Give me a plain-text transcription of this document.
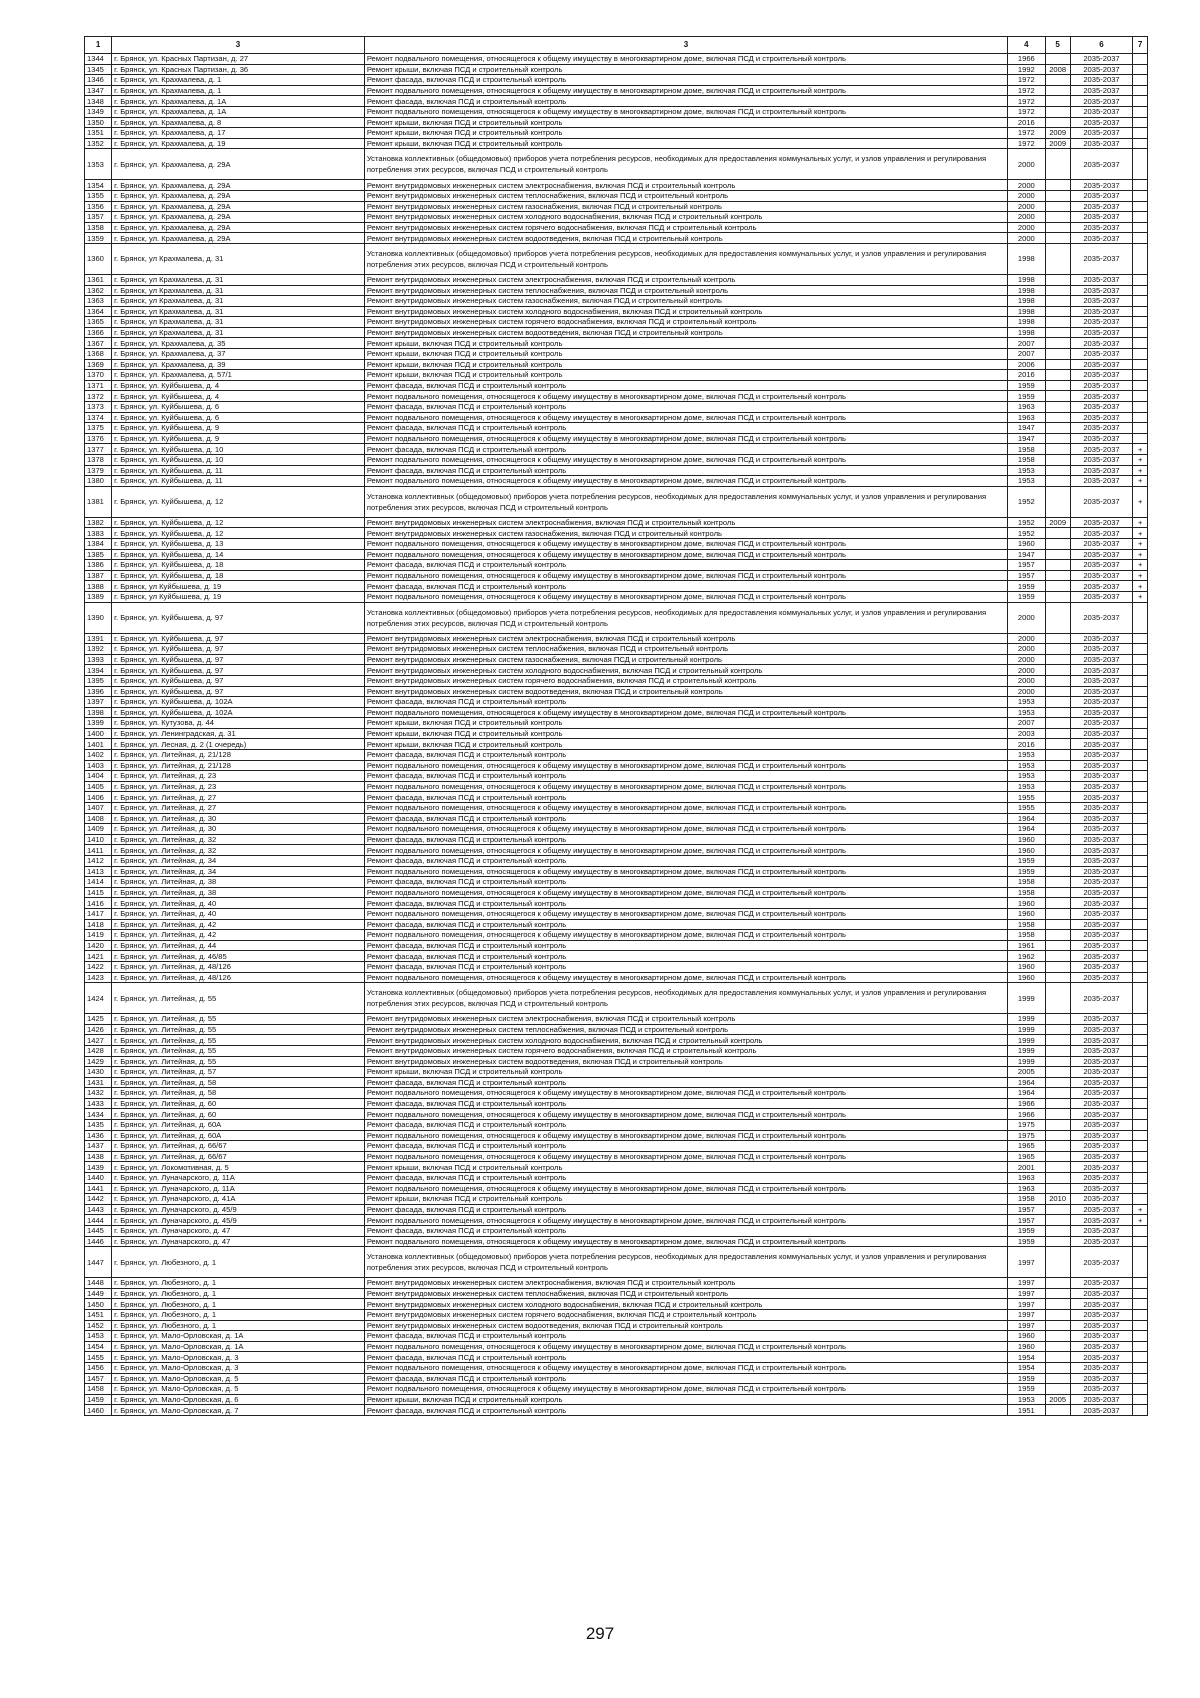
1	3	3	4	5	6	7
1344	г. Брянск, ул. Красных Партизан, д. 27	Ремонт подвального помещения, относящегося к общему имуществу в многоквартирном доме, включая ПСД и строительный контроль	1966		2035-2037	
1345	г. Брянск, ул. Красных Партизан, д. 36	Ремонт крыши, включая ПСД и строительный контроль	1992	2008	2035-2037	
1346	г. Брянск, ул. Крахмалева, д. 1	Ремонт фасада, включая ПСД и строительный контроль	1972		2035-2037	
1347	г. Брянск, ул. Крахмалева, д. 1	Ремонт подвального помещения, относящегося к общему имуществу в многоквартирном доме, включая ПСД и строительный контроль	1972		2035-2037	
1348	г. Брянск, ул. Крахмалева, д. 1А	Ремонт фасада, включая ПСД и строительный контроль	1972		2035-2037	
1349	г. Брянск, ул. Крахмалева, д. 1А	Ремонт подвального помещения, относящегося к общему имуществу в многоквартирном доме, включая ПСД и строительный контроль	1972		2035-2037	
1350	г. Брянск, ул. Крахмалева, д. 8	Ремонт крыши, включая ПСД и строительный контроль	2016		2035-2037	
1351	г. Брянск, ул. Крахмалева, д. 17	Ремонт крыши, включая ПСД и строительный контроль	1972	2009	2035-2037	
1352	г. Брянск, ул. Крахмалева, д. 19	Ремонт крыши, включая ПСД и строительный контроль	1972	2009	2035-2037	
1353	г. Брянск, ул. Крахмалева, д. 29А	Установка коллективных (общедомовых) приборов учета потребления ресурсов, необходимых для предоставления коммунальных услуг, и узлов управления и регулирования потребления этих ресурсов, включая ПСД и строительный контроль	2000		2035-2037	
1354	г. Брянск, ул. Крахмалева, д. 29А	Ремонт внутридомовых инженерных систем электроснабжения, включая ПСД и строительный контроль	2000		2035-2037	
1355	г. Брянск, ул. Крахмалева, д. 29А	Ремонт внутридомовых инженерных систем теплоснабжения, включая ПСД и строительный контроль	2000		2035-2037	
1356	г. Брянск, ул. Крахмалева, д. 29А	Ремонт внутридомовых инженерных систем газоснабжения, включая ПСД и строительный контроль	2000		2035-2037	
1357	г. Брянск, ул. Крахмалева, д. 29А	Ремонт внутридомовых инженерных систем холодного водоснабжения, включая ПСД и строительный контроль	2000		2035-2037	
1358	г. Брянск, ул. Крахмалева, д. 29А	Ремонт внутридомовых инженерных систем горячего водоснабжения, включая ПСД и строительный контроль	2000		2035-2037	
1359	г. Брянск, ул. Крахмалева, д. 29А	Ремонт внутридомовых инженерных систем водоотведения, включая ПСД и строительный контроль	2000		2035-2037	
1360	г. Брянск, ул Крахмалева, д. 31	Установка коллективных (общедомовых) приборов учета потребления ресурсов, необходимых для предоставления коммунальных услуг, и узлов управления и регулирования потребления этих ресурсов, включая ПСД и строительный контроль	1998		2035-2037	
1361	г. Брянск, ул Крахмалева, д. 31	Ремонт внутридомовых инженерных систем электроснабжения, включая ПСД и строительный контроль	1998		2035-2037	
1362	г. Брянск, ул Крахмалева, д. 31	Ремонт внутридомовых инженерных систем теплоснабжения, включая ПСД и строительный контроль	1998		2035-2037	
1363	г. Брянск, ул Крахмалева, д. 31	Ремонт внутридомовых инженерных систем газоснабжения, включая ПСД и строительный контроль	1998		2035-2037	
1364	г. Брянск, ул Крахмалева, д. 31	Ремонт внутридомовых инженерных систем холодного водоснабжения, включая ПСД и строительный контроль	1998		2035-2037	
1365	г. Брянск, ул Крахмалева, д. 31	Ремонт внутридомовых инженерных систем горячего водоснабжения, включая ПСД и строительный контроль	1998		2035-2037	
1366	г. Брянск, ул Крахмалева, д. 31	Ремонт внутридомовых инженерных систем водоотведения, включая ПСД и строительный контроль	1998		2035-2037	
1367	г. Брянск, ул. Крахмалева, д. 35	Ремонт крыши, включая ПСД и строительный контроль	2007		2035-2037	
1368	г. Брянск, ул. Крахмалева, д. 37	Ремонт крыши, включая ПСД и строительный контроль	2007		2035-2037	
1369	г. Брянск, ул. Крахмалева, д. 39	Ремонт крыши, включая ПСД и строительный контроль	2006		2035-2037	
1370	г. Брянск, ул. Крахмалева, д. 57/1	Ремонт крыши, включая ПСД и строительный контроль	2016		2035-2037	
1371	г. Брянск, ул. Куйбышева, д. 4	Ремонт фасада, включая ПСД и строительный контроль	1959		2035-2037	
1372	г. Брянск, ул. Куйбышева, д. 4	Ремонт подвального помещения, относящегося к общему имуществу в многоквартирном доме, включая ПСД и строительный контроль	1959		2035-2037	
1373	г. Брянск, ул. Куйбышева, д. 6	Ремонт фасада, включая ПСД и строительный контроль	1963		2035-2037	
1374	г. Брянск, ул. Куйбышева, д. 6	Ремонт подвального помещения, относящегося к общему имуществу в многоквартирном доме, включая ПСД и строительный контроль	1963		2035-2037	
1375	г. Брянск, ул. Куйбышева, д. 9	Ремонт фасада, включая ПСД и строительный контроль	1947		2035-2037	
1376	г. Брянск, ул. Куйбышева, д. 9	Ремонт подвального помещения, относящегося к общему имуществу в многоквартирном доме, включая ПСД и строительный контроль	1947		2035-2037	
1377	г. Брянск, ул. Куйбышева, д. 10	Ремонт фасада, включая ПСД и строительный контроль	1958		2035-2037	+
1378	г. Брянск, ул. Куйбышева, д. 10	Ремонт подвального помещения, относящегося к общему имуществу в многоквартирном доме, включая ПСД и строительный контроль	1958		2035-2037	+
1379	г. Брянск, ул. Куйбышева, д. 11	Ремонт фасада, включая ПСД и строительный контроль	1953		2035-2037	+
1380	г. Брянск, ул. Куйбышева, д. 11	Ремонт подвального помещения, относящегося к общему имуществу в многоквартирном доме, включая ПСД и строительный контроль	1953		2035-2037	+
1381	г. Брянск, ул. Куйбышева, д. 12	Установка коллективных (общедомовых) приборов учета потребления ресурсов, необходимых для предоставления коммунальных услуг, и узлов управления и регулирования потребления этих ресурсов, включая ПСД и строительный контроль	1952		2035-2037	+
1382	г. Брянск, ул. Куйбышева, д. 12	Ремонт внутридомовых инженерных систем электроснабжения, включая ПСД и строительный контроль	1952	2009	2035-2037	+
1383	г. Брянск, ул. Куйбышева, д. 12	Ремонт внутридомовых инженерных систем газоснабжения, включая ПСД и строительный контроль	1952		2035-2037	+
1384	г. Брянск, ул. Куйбышева, д. 13	Ремонт подвального помещения, относящегося к общему имуществу в многоквартирном доме, включая ПСД и строительный контроль	1960		2035-2037	+
1385	г. Брянск, ул. Куйбышева, д. 14	Ремонт подвального помещения, относящегося к общему имуществу в многоквартирном доме, включая ПСД и строительный контроль	1947		2035-2037	+
1386	г. Брянск, ул. Куйбышева, д. 18	Ремонт фасада, включая ПСД и строительный контроль	1957		2035-2037	+
1387	г. Брянск, ул. Куйбышева, д. 18	Ремонт подвального помещения, относящегося к общему имуществу в многоквартирном доме, включая ПСД и строительный контроль	1957		2035-2037	+
1388	г. Брянск, ул Куйбышева, д. 19	Ремонт фасада, включая ПСД и строительный контроль	1959		2035-2037	+
1389	г. Брянск, ул Куйбышева, д. 19	Ремонт подвального помещения, относящегося к общему имуществу в многоквартирном доме, включая ПСД и строительный контроль	1959		2035-2037	+
1390	г. Брянск, ул. Куйбышева, д. 97	Установка коллективных (общедомовых) приборов учета потребления ресурсов, необходимых для предоставления коммунальных услуг, и узлов управления и регулирования потребления этих ресурсов, включая ПСД и строительный контроль	2000		2035-2037	
1391	г. Брянск, ул. Куйбышева, д. 97	Ремонт внутридомовых инженерных систем электроснабжения, включая ПСД и строительный контроль	2000		2035-2037	
1392	г. Брянск, ул. Куйбышева, д. 97	Ремонт внутридомовых инженерных систем теплоснабжения, включая ПСД и строительный контроль	2000		2035-2037	
1393	г. Брянск, ул. Куйбышева, д. 97	Ремонт внутридомовых инженерных систем газоснабжения, включая ПСД и строительный контроль	2000		2035-2037	
1394	г. Брянск, ул. Куйбышева, д. 97	Ремонт внутридомовых инженерных систем холодного водоснабжения, включая ПСД и строительный контроль	2000		2035-2037	
1395	г. Брянск, ул. Куйбышева, д. 97	Ремонт внутридомовых инженерных систем горячего водоснабжения, включая ПСД и строительный контроль	2000		2035-2037	
1396	г. Брянск, ул. Куйбышева, д. 97	Ремонт внутридомовых инженерных систем водоотведения, включая ПСД и строительный контроль	2000		2035-2037	
1397	г. Брянск, ул. Куйбышева, д. 102А	Ремонт фасада, включая ПСД и строительный контроль	1953		2035-2037	
1398	г. Брянск, ул. Куйбышева, д. 102А	Ремонт подвального помещения, относящегося к общему имуществу в многоквартирном доме, включая ПСД и строительный контроль	1953		2035-2037	
1399	г. Брянск, ул. Кутузова, д. 44	Ремонт крыши, включая ПСД и строительный контроль	2007		2035-2037	
1400	г. Брянск, ул. Ленинградская, д. 31	Ремонт крыши, включая ПСД и строительный контроль	2003		2035-2037	
1401	г. Брянск, ул. Лесная, д. 2 (1 очередь)	Ремонт крыши, включая ПСД и строительный контроль	2016		2035-2037	
1402	г. Брянск, ул. Литейная, д. 21/128	Ремонт фасада, включая ПСД и строительный контроль	1953		2035-2037	
1403	г. Брянск, ул. Литейная, д. 21/128	Ремонт подвального помещения, относящегося к общему имуществу в многоквартирном доме, включая ПСД и строительный контроль	1953		2035-2037	
1404	г. Брянск, ул. Литейная, д. 23	Ремонт фасада, включая ПСД и строительный контроль	1953		2035-2037	
1405	г. Брянск, ул. Литейная, д. 23	Ремонт подвального помещения, относящегося к общему имуществу в многоквартирном доме, включая ПСД и строительный контроль	1953		2035-2037	
1406	г. Брянск, ул. Литейная, д. 27	Ремонт фасада, включая ПСД и строительный контроль	1955		2035-2037	
1407	г. Брянск, ул. Литейная, д. 27	Ремонт подвального помещения, относящегося к общему имуществу в многоквартирном доме, включая ПСД и строительный контроль	1955		2035-2037	
1408	г. Брянск, ул. Литейная, д. 30	Ремонт фасада, включая ПСД и строительный контроль	1964		2035-2037	
1409	г. Брянск, ул. Литейная, д. 30	Ремонт подвального помещения, относящегося к общему имуществу в многоквартирном доме, включая ПСД и строительный контроль	1964		2035-2037	
1410	г. Брянск, ул. Литейная, д. 32	Ремонт фасада, включая ПСД и строительный контроль	1960		2035-2037	
1411	г. Брянск, ул. Литейная, д. 32	Ремонт подвального помещения, относящегося к общему имуществу в многоквартирном доме, включая ПСД и строительный контроль	1960		2035-2037	
1412	г. Брянск, ул. Литейная, д. 34	Ремонт фасада, включая ПСД и строительный контроль	1959		2035-2037	
1413	г. Брянск, ул. Литейная, д. 34	Ремонт подвального помещения, относящегося к общему имуществу в многоквартирном доме, включая ПСД и строительный контроль	1959		2035-2037	
1414	г. Брянск, ул. Литейная, д. 38	Ремонт фасада, включая ПСД и строительный контроль	1958		2035-2037	
1415	г. Брянск, ул. Литейная, д. 38	Ремонт подвального помещения, относящегося к общему имуществу в многоквартирном доме, включая ПСД и строительный контроль	1958		2035-2037	
1416	г. Брянск, ул. Литейная, д. 40	Ремонт фасада, включая ПСД и строительный контроль	1960		2035-2037	
1417	г. Брянск, ул. Литейная, д. 40	Ремонт подвального помещения, относящегося к общему имуществу в многоквартирном доме, включая ПСД и строительный контроль	1960		2035-2037	
1418	г. Брянск, ул. Литейная, д. 42	Ремонт фасада, включая ПСД и строительный контроль	1958		2035-2037	
1419	г. Брянск, ул. Литейная, д. 42	Ремонт подвального помещения, относящегося к общему имуществу в многоквартирном доме, включая ПСД и строительный контроль	1958		2035-2037	
1420	г. Брянск, ул. Литейная, д. 44	Ремонт фасада, включая ПСД и строительный контроль	1961		2035-2037	
1421	г. Брянск, ул. Литейная, д. 46/85	Ремонт фасада, включая ПСД и строительный контроль	1962		2035-2037	
1422	г. Брянск, ул. Литейная, д. 48/126	Ремонт фасада, включая ПСД и строительный контроль	1960		2035-2037	
1423	г. Брянск, ул. Литейная, д. 48/126	Ремонт подвального помещения, относящегося к общему имуществу в многоквартирном доме, включая ПСД и строительный контроль	1960		2035-2037	
1424	г. Брянск, ул. Литейная, д. 55	Установка коллективных (общедомовых) приборов учета потребления ресурсов, необходимых для предоставления коммунальных услуг, и узлов управления и регулирования потребления этих ресурсов, включая ПСД и строительный контроль	1999		2035-2037	
1425	г. Брянск, ул. Литейная, д. 55	Ремонт внутридомовых инженерных систем электроснабжения, включая ПСД и строительный контроль	1999		2035-2037	
1426	г. Брянск, ул. Литейная, д. 55	Ремонт внутридомовых инженерных систем теплоснабжения, включая ПСД и строительный контроль	1999		2035-2037	
1427	г. Брянск, ул. Литейная, д. 55	Ремонт внутридомовых инженерных систем холодного водоснабжения, включая ПСД и строительный контроль	1999		2035-2037	
1428	г. Брянск, ул. Литейная, д. 55	Ремонт внутридомовых инженерных систем горячего водоснабжения, включая ПСД и строительный контроль	1999		2035-2037	
1429	г. Брянск, ул. Литейная, д. 55	Ремонт внутридомовых инженерных систем водоотведения, включая ПСД и строительный контроль	1999		2035-2037	
1430	г. Брянск, ул. Литейная, д. 57	Ремонт крыши, включая ПСД и строительный контроль	2005		2035-2037	
1431	г. Брянск, ул. Литейная, д. 58	Ремонт фасада, включая ПСД и строительный контроль	1964		2035-2037	
1432	г. Брянск, ул. Литейная, д. 58	Ремонт подвального помещения, относящегося к общему имуществу в многоквартирном доме, включая ПСД и строительный контроль	1964		2035-2037	
1433	г. Брянск, ул. Литейная, д. 60	Ремонт фасада, включая ПСД и строительный контроль	1966		2035-2037	
1434	г. Брянск, ул. Литейная, д. 60	Ремонт подвального помещения, относящегося к общему имуществу в многоквартирном доме, включая ПСД и строительный контроль	1966		2035-2037	
1435	г. Брянск, ул. Литейная, д. 60А	Ремонт фасада, включая ПСД и строительный контроль	1975		2035-2037	
1436	г. Брянск, ул. Литейная, д. 60А	Ремонт подвального помещения, относящегося к общему имуществу в многоквартирном доме, включая ПСД и строительный контроль	1975		2035-2037	
1437	г. Брянск, ул. Литейная, д. 66/67	Ремонт фасада, включая ПСД и строительный контроль	1965		2035-2037	
1438	г. Брянск, ул. Литейная, д. 66/67	Ремонт подвального помещения, относящегося к общему имуществу в многоквартирном доме, включая ПСД и строительный контроль	1965		2035-2037	
1439	г. Брянск, ул. Локомотивная, д. 5	Ремонт крыши, включая ПСД и строительный контроль	2001		2035-2037	
1440	г. Брянск, ул. Луначарского, д. 11А	Ремонт фасада, включая ПСД и строительный контроль	1963		2035-2037	
1441	г. Брянск, ул. Луначарского, д. 11А	Ремонт подвального помещения, относящегося к общему имуществу в многоквартирном доме, включая ПСД и строительный контроль	1963		2035-2037	
1442	г. Брянск, ул. Луначарского, д. 41А	Ремонт крыши, включая ПСД и строительный контроль	1958	2010	2035-2037	
1443	г. Брянск, ул. Луначарского, д. 45/9	Ремонт фасада, включая ПСД и строительный контроль	1957		2035-2037	+
1444	г. Брянск, ул. Луначарского, д. 45/9	Ремонт подвального помещения, относящегося к общему имуществу в многоквартирном доме, включая ПСД и строительный контроль	1957		2035-2037	+
1445	г. Брянск, ул. Луначарского, д. 47	Ремонт фасада, включая ПСД и строительный контроль	1959		2035-2037	
1446	г. Брянск, ул. Луначарского, д. 47	Ремонт подвального помещения, относящегося к общему имуществу в многоквартирном доме, включая ПСД и строительный контроль	1959		2035-2037	
1447	г. Брянск, ул. Любезного, д. 1	Установка коллективных (общедомовых) приборов учета потребления ресурсов, необходимых для предоставления коммунальных услуг, и узлов управления и регулирования потребления этих ресурсов, включая ПСД и строительный контроль	1997		2035-2037	
1448	г. Брянск, ул. Любезного, д. 1	Ремонт внутридомовых инженерных систем электроснабжения, включая ПСД и строительный контроль	1997		2035-2037	
1449	г. Брянск, ул. Любезного, д. 1	Ремонт внутридомовых инженерных систем теплоснабжения, включая ПСД и строительный контроль	1997		2035-2037	
1450	г. Брянск, ул. Любезного, д. 1	Ремонт внутридомовых инженерных систем холодного водоснабжения, включая ПСД и строительный контроль	1997		2035-2037	
1451	г. Брянск, ул. Любезного, д. 1	Ремонт внутридомовых инженерных систем горячего водоснабжения, включая ПСД и строительный контроль	1997		2035-2037	
1452	г. Брянск, ул. Любезного, д. 1	Ремонт внутридомовых инженерных систем водоотведения, включая ПСД и строительный контроль	1997		2035-2037	
1453	г. Брянск, ул. Мало-Орловская, д. 1А	Ремонт фасада, включая ПСД и строительный контроль	1960		2035-2037	
1454	г. Брянск, ул. Мало-Орловская, д. 1А	Ремонт подвального помещения, относящегося к общему имуществу в многоквартирном доме, включая ПСД и строительный контроль	1960		2035-2037	
1455	г. Брянск, ул. Мало-Орловская, д. 3	Ремонт фасада, включая ПСД и строительный контроль	1954		2035-2037	
1456	г. Брянск, ул. Мало-Орловская, д. 3	Ремонт подвального помещения, относящегося к общему имуществу в многоквартирном доме, включая ПСД и строительный контроль	1954		2035-2037	
1457	г. Брянск, ул. Мало-Орловская, д. 5	Ремонт фасада, включая ПСД и строительный контроль	1959		2035-2037	
1458	г. Брянск, ул. Мало-Орловская, д. 5	Ремонт подвального помещения, относящегося к общему имуществу в многоквартирном доме, включая ПСД и строительный контроль	1959		2035-2037	
1459	г. Брянск, ул. Мало-Орловская, д. 6	Ремонт крыши, включая ПСД и строительный контроль	1953	2005	2035-2037	
1460	г. Брянск, ул. Мало-Орловская, д. 7	Ремонт фасада, включая ПСД и строительный контроль	1951		2035-2037	
297
